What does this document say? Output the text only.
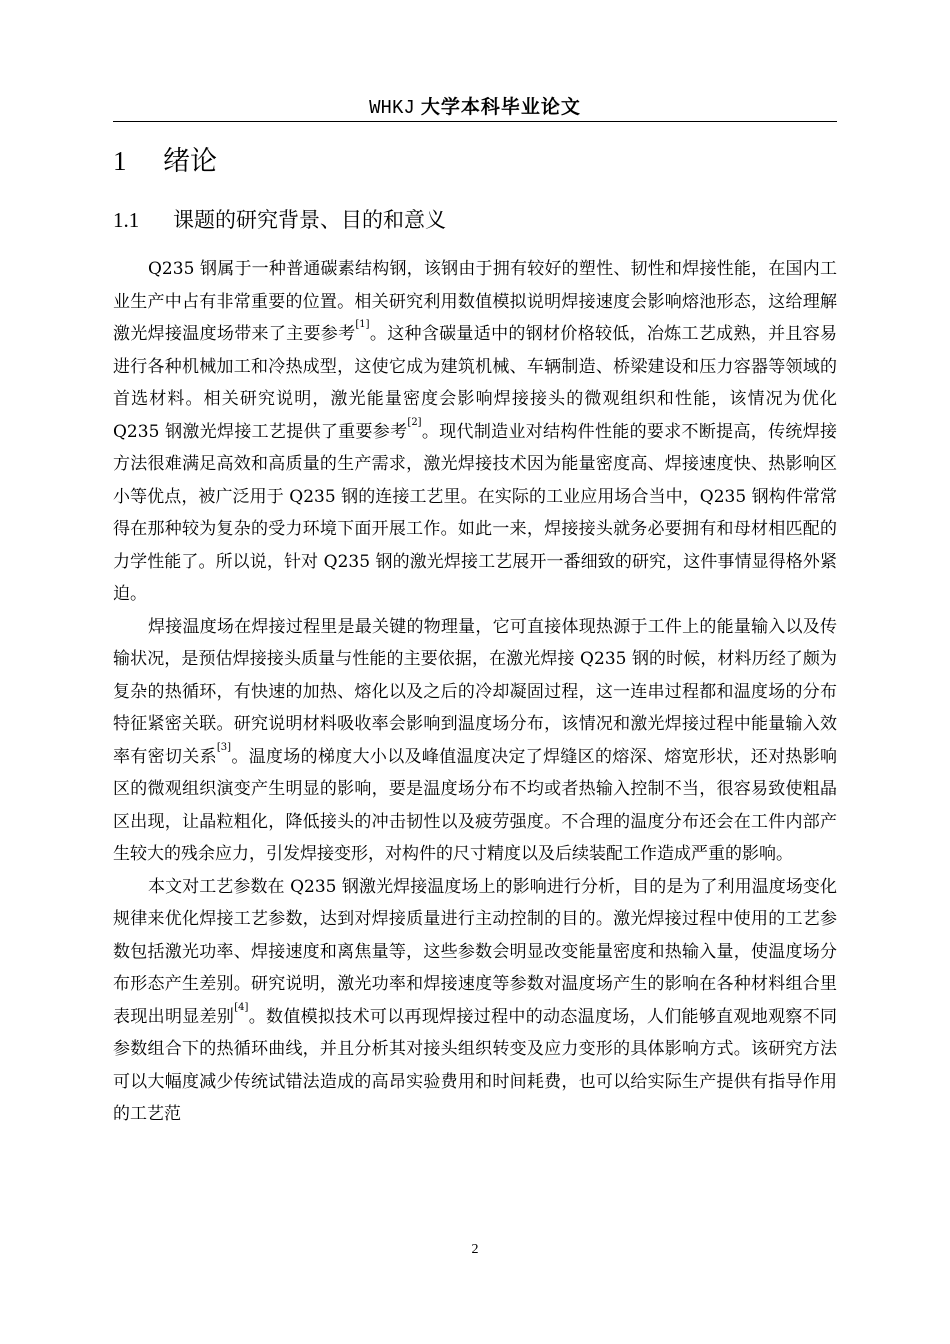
WHKJ 大学本科毕业论文
1 绪论
1.1 课题的研究背景、目的和意义

Q235 钢属于一种普通碳素结构钢，该钢由于拥有较好的塑性、韧性和焊接性能，在国内工业生产中占有非常重要的位置。相关研究利用数值模拟说明焊接速度会影响熔池形态，这给理解激光焊接温度场带来了主要参考[1]。这种含碳量适中的钢材价格较低，冶炼工艺成熟，并且容易进行各种机械加工和冷热成型，这使它成为建筑机械、车辆制造、桥梁建设和压力容器等领域的首选材料。相关研究说明，激光能量密度会影响焊接接头的微观组织和性能，该情况为优化 Q235 钢激光焊接工艺提供了重要参考[2]。现代制造业对结构件性能的要求不断提高，传统焊接方法很难满足高效和高质量的生产需求，激光焊接技术因为能量密度高、焊接速度快、热影响区小等优点，被广泛用于 Q235 钢的连接工艺里。在实际的工业应用场合当中，Q235 钢构件常常得在那种较为复杂的受力环境下面开展工作。如此一来，焊接接头就务必要拥有和母材相匹配的力学性能了。所以说，针对 Q235 钢的激光焊接工艺展开一番细致的研究，这件事情显得格外紧迫。

焊接温度场在焊接过程里是最关键的物理量，它可直接体现热源于工件上的能量输入以及传输状况，是预估焊接接头质量与性能的主要依据，在激光焊接 Q235 钢的时候，材料历经了颇为复杂的热循环，有快速的加热、熔化以及之后的冷却凝固过程，这一连串过程都和温度场的分布特征紧密关联。研究说明材料吸收率会影响到温度场分布，该情况和激光焊接过程中能量输入效率有密切关系[3]。温度场的梯度大小以及峰值温度决定了焊缝区的熔深、熔宽形状，还对热影响区的微观组织演变产生明显的影响，要是温度场分布不均或者热输入控制不当，很容易致使粗晶区出现，让晶粒粗化，降低接头的冲击韧性以及疲劳强度。不合理的温度分布还会在工件内部产生较大的残余应力，引发焊接变形，对构件的尺寸精度以及后续装配工作造成严重的影响。

本文对工艺参数在 Q235 钢激光焊接温度场上的影响进行分析，目的是为了利用温度场变化规律来优化焊接工艺参数，达到对焊接质量进行主动控制的目的。激光焊接过程中使用的工艺参数包括激光功率、焊接速度和离焦量等，这些参数会明显改变能量密度和热输入量，使温度场分布形态产生差别。研究说明，激光功率和焊接速度等参数对温度场产生的影响在各种材料组合里表现出明显差别[4]。数值模拟技术可以再现焊接过程中的动态温度场，人们能够直观地观察不同参数组合下的热循环曲线，并且分析其对接头组织转变及应力变形的具体影响方式。该研究方法可以大幅度减少传统试错法造成的高昂实验费用和时间耗费，也可以给实际生产提供有指导作用的工艺范

2
